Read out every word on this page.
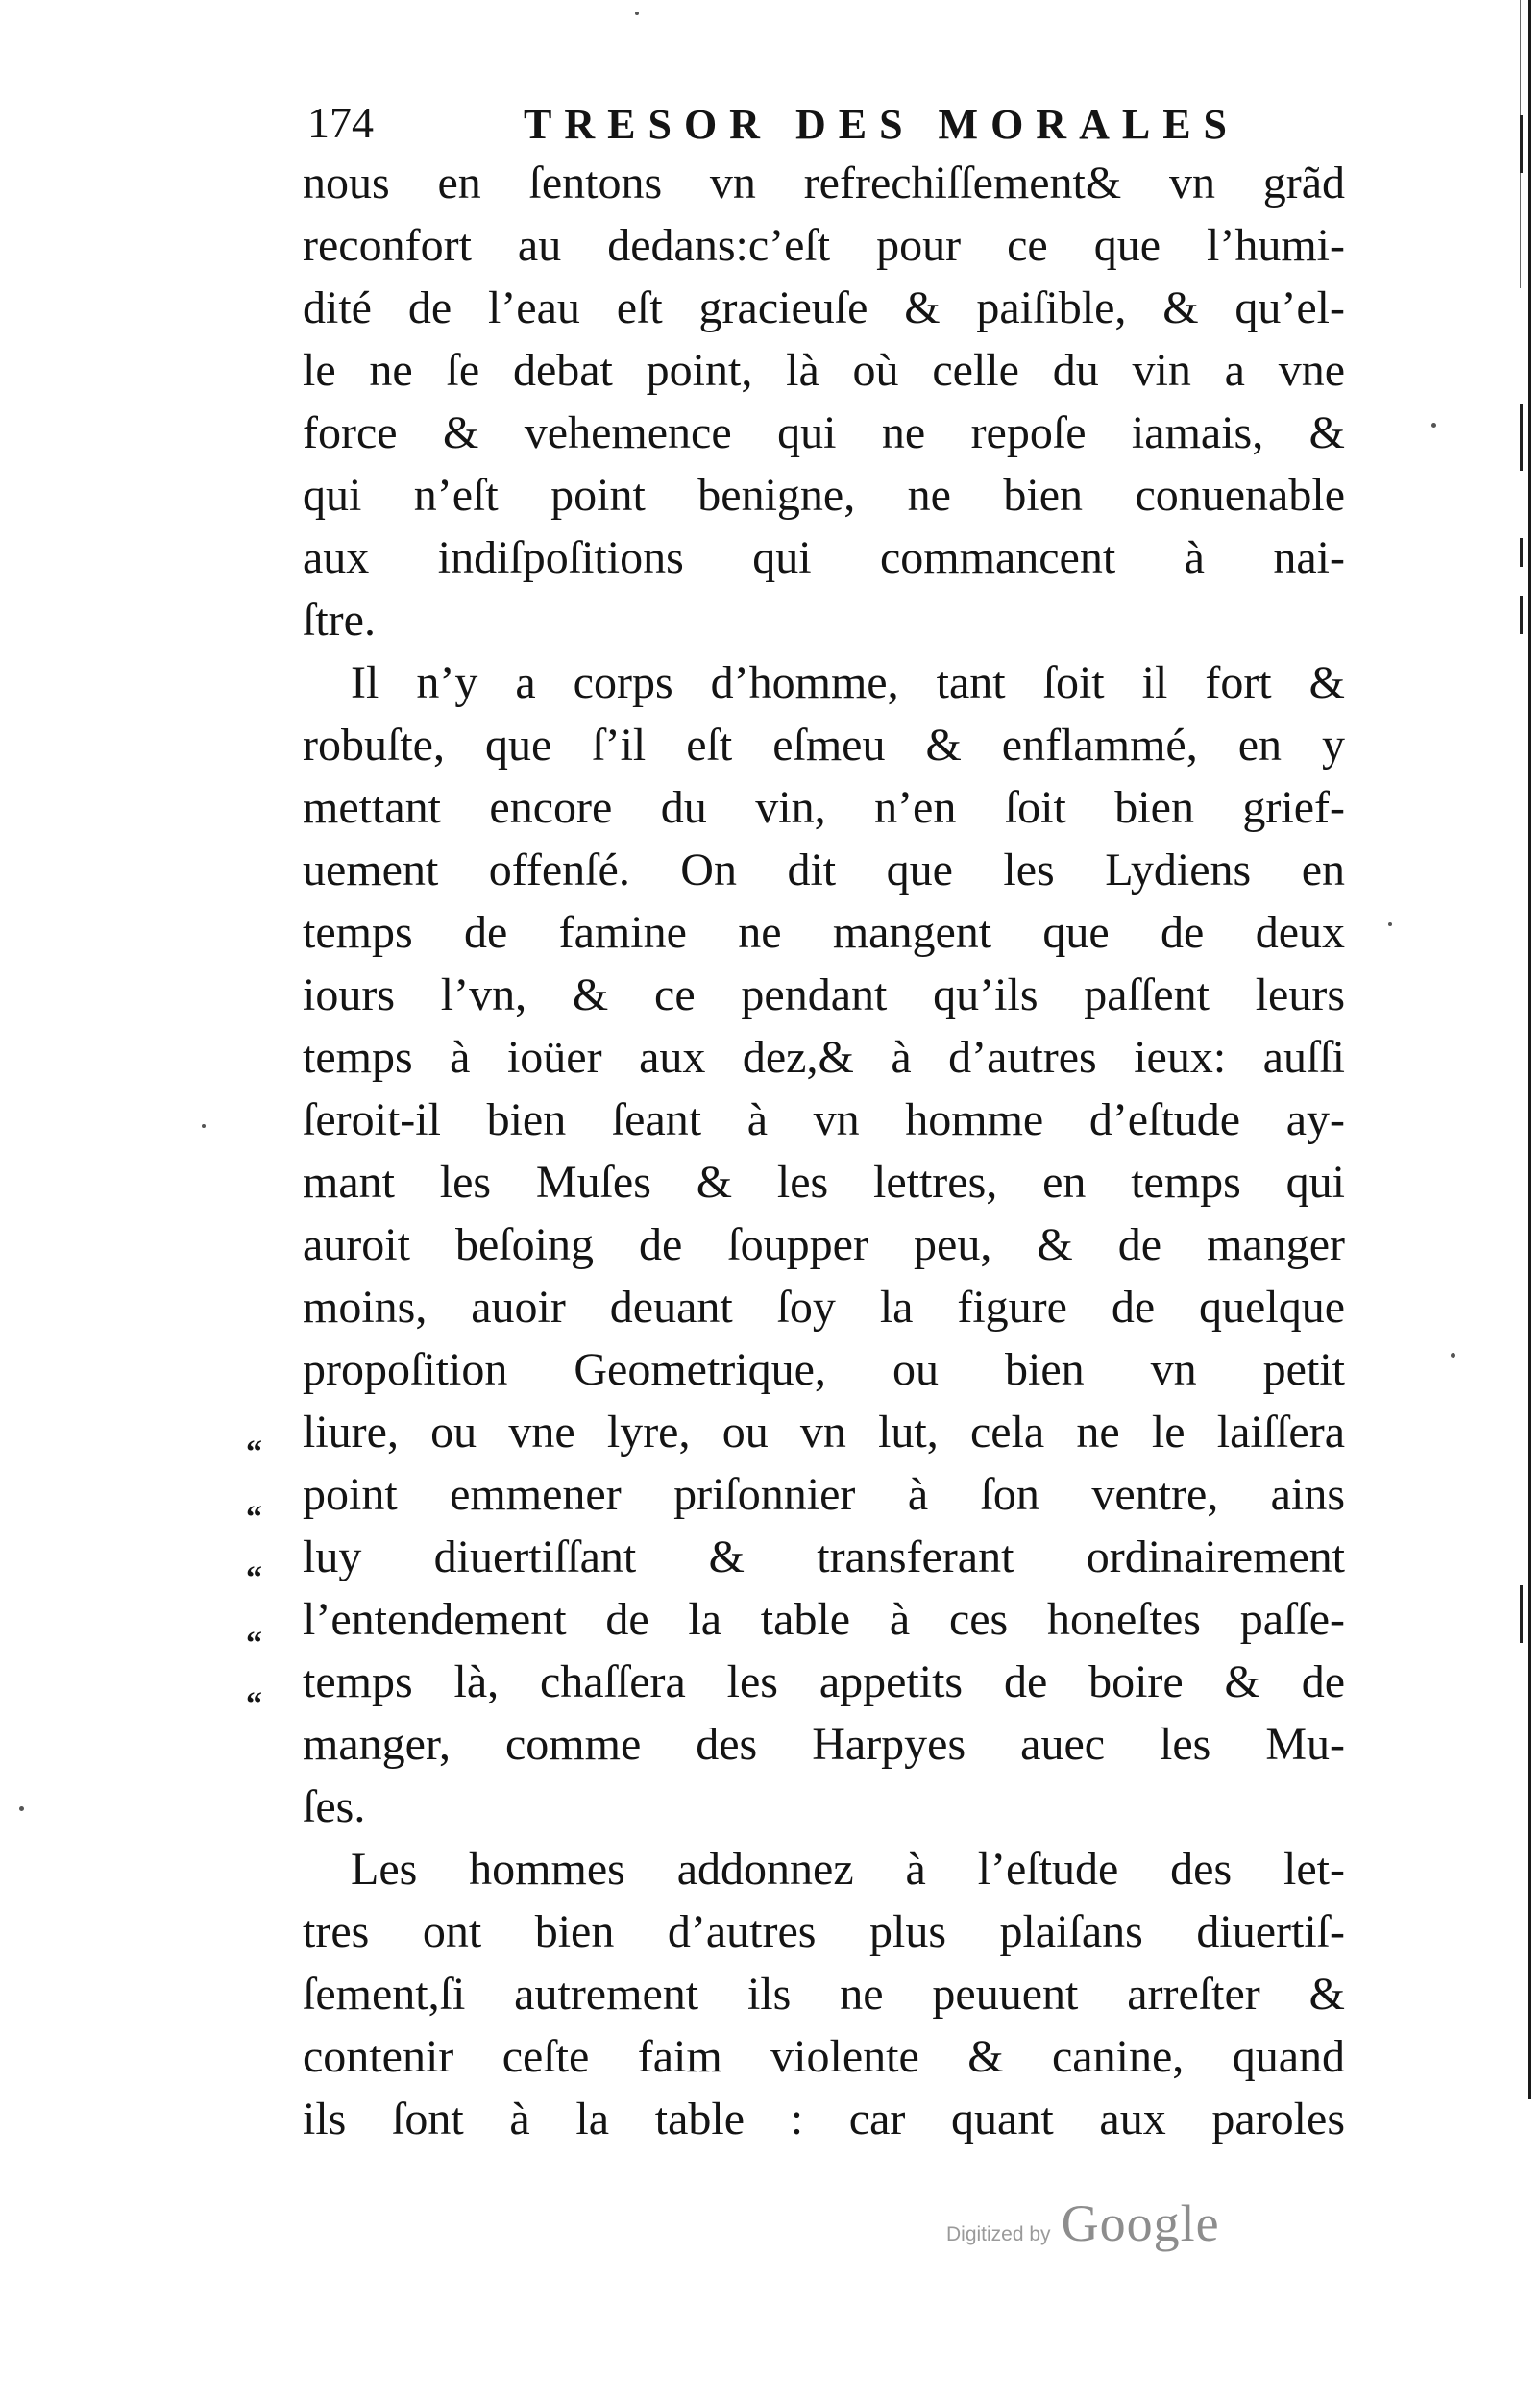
174	TRESOR DES MORALES
“
“
“
“
“
nous en ſentons vn refrechiſſement& vn grãd
reconfort au dedans:c’eſt pour ce que l’humi-
dité de l’eau eſt gracieuſe & paiſible, & qu’el-
le ne ſe debat point, là où celle du vin a vne
force & vehemence qui ne repoſe iamais, &
qui n’eſt point benigne, ne bien conuenable
aux indiſpoſitions qui commancent à nai-
ſtre.
Il n’y a corps d’homme, tant ſoit il fort &
robuſte, que ſ’il eſt eſmeu & enflammé, en y
mettant encore du vin, n’en ſoit bien grief-
uement offenſé. On dit que les Lydiens en
temps de famine ne mangent que de deux
iours l’vn, & ce pendant qu’ils paſſent leurs
temps à ioüer aux dez,& à d’autres ieux: auſſi
ſeroit-il bien ſeant à vn homme d’eſtude ay-
mant les Muſes & les lettres, en temps qui
auroit beſoing de ſoupper peu, & de manger
moins, auoir deuant ſoy la figure de quelque
propoſition Geometrique, ou bien vn petit
liure, ou vne lyre, ou vn lut, cela ne le laiſſera
point emmener priſonnier à ſon ventre, ains
luy diuertiſſant & transferant ordinairement
l’entendement de la table à ces honeſtes paſſe-
temps là, chaſſera les appetits de boire & de
manger, comme des Harpyes auec les Mu-
ſes.
Les hommes addonnez à l’eſtude des let-
tres ont bien d’autres plus plaiſans diuertiſ-
ſement,ſi autrement ils ne peuuent arreſter &
contenir ceſte faim violente & canine, quand
ils ſont à la table : car quant aux paroles
Digitized by Google
